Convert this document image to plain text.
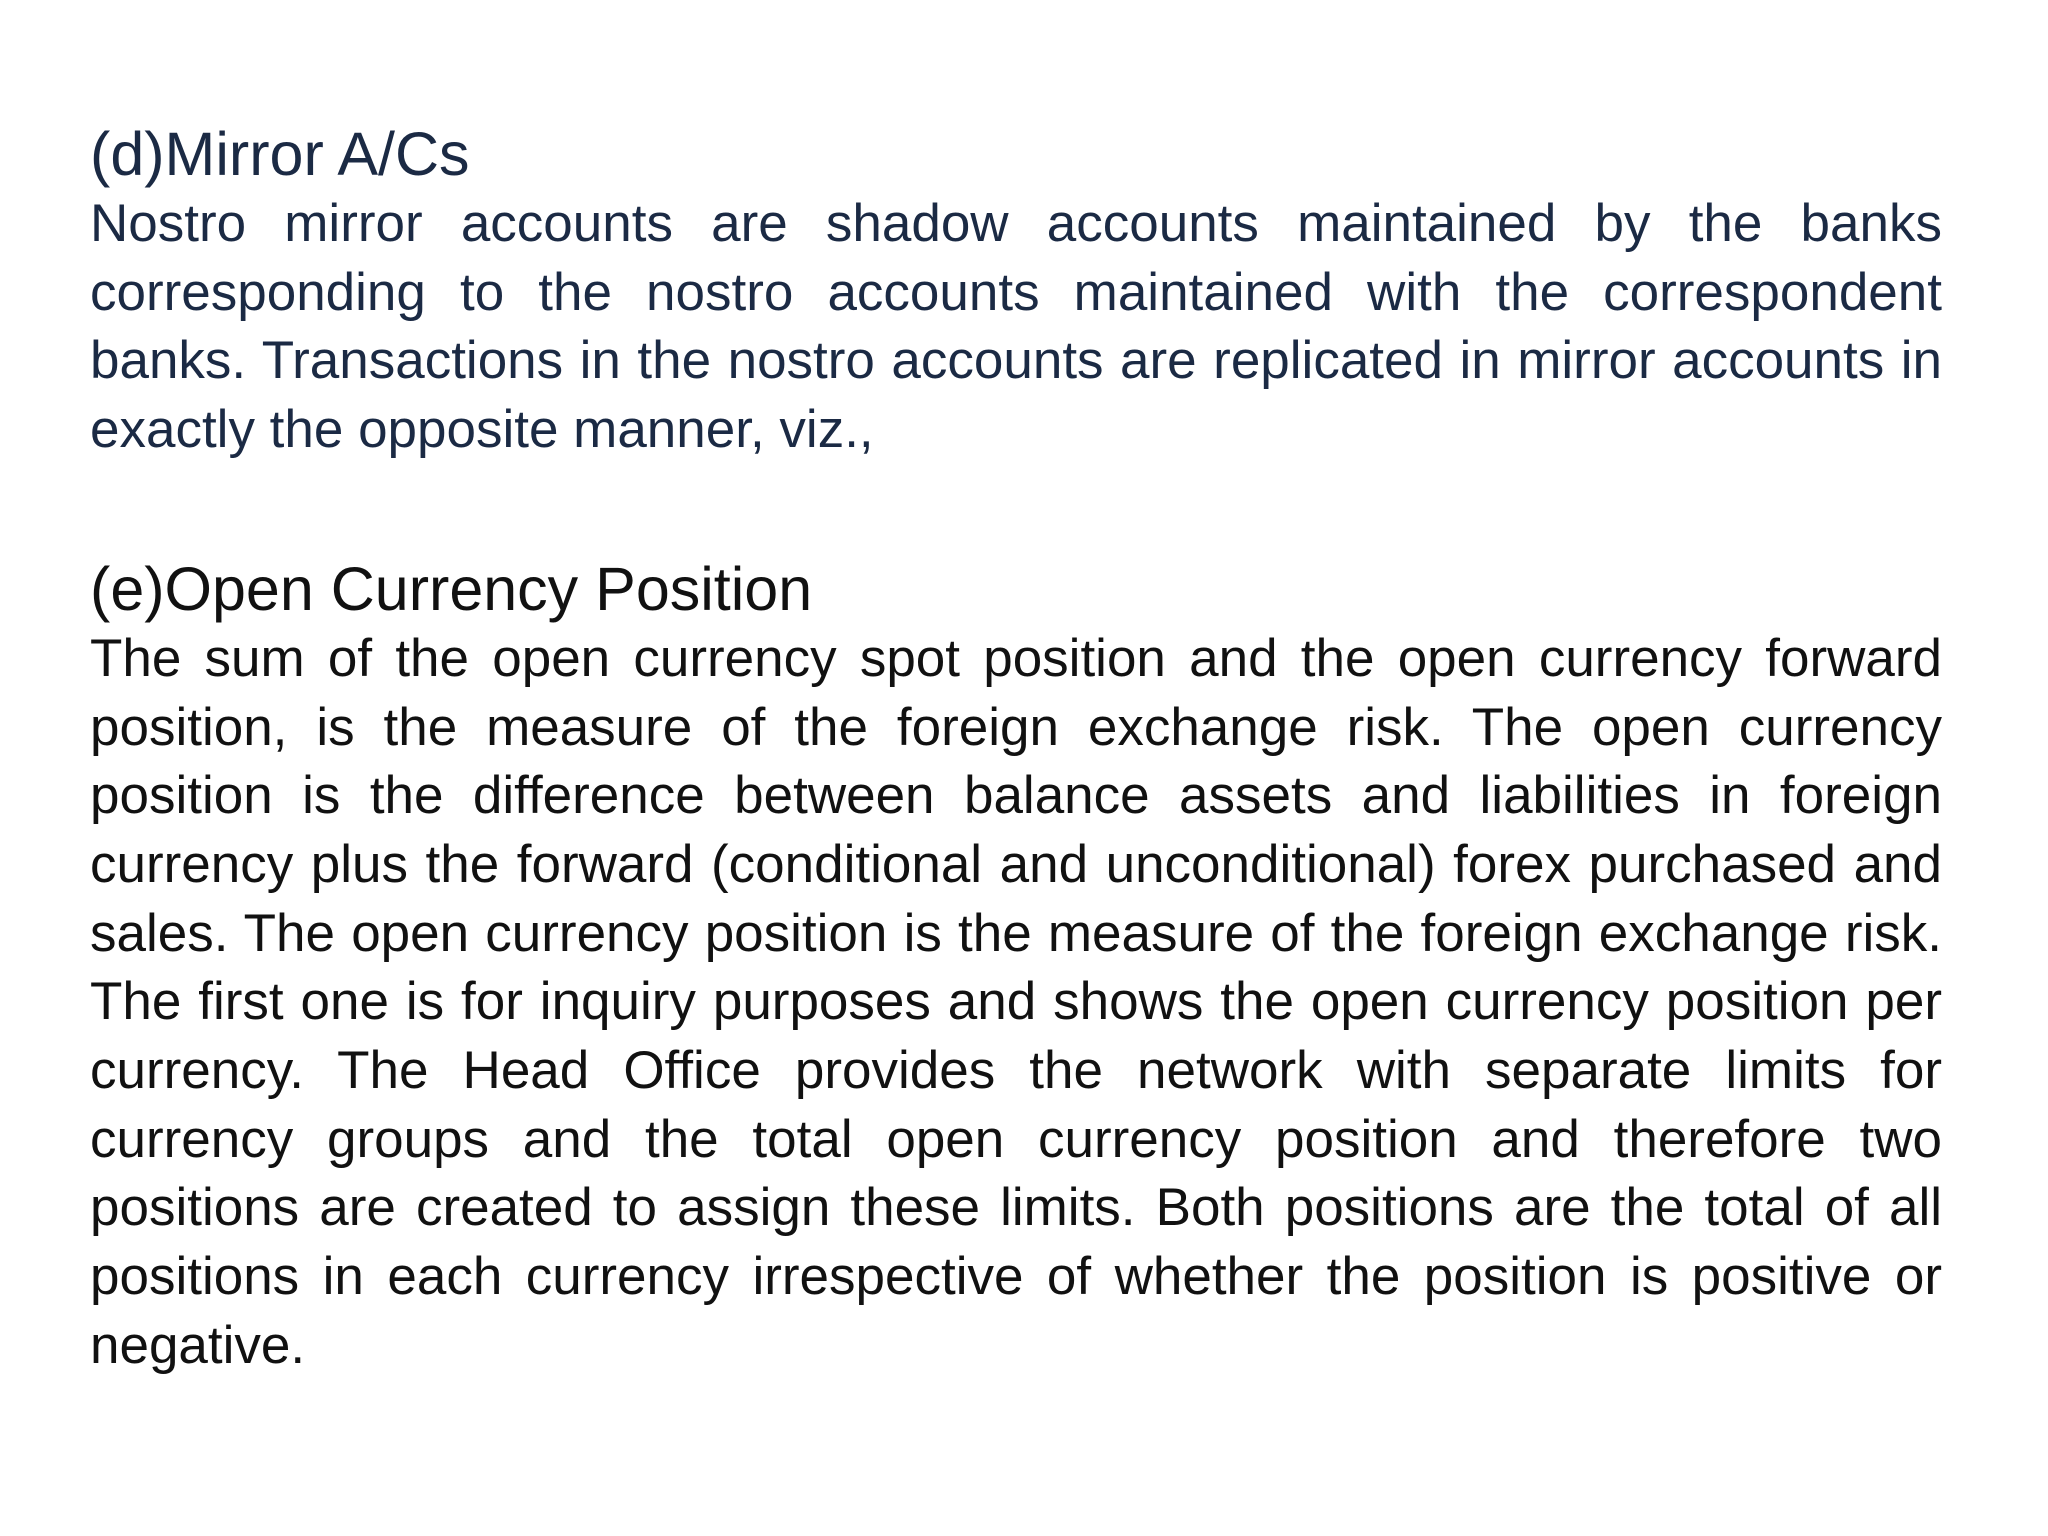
(d)Mirror A/Cs

Nostro mirror accounts are shadow accounts maintained by the banks corresponding to the nostro accounts maintained with the correspondent banks. Transactions in the nostro accounts are replicated in mirror accounts in exactly the opposite manner, viz.,

(e)Open Currency Position

The sum of the open currency spot position and the open currency forward position, is the measure of the foreign exchange risk. The open currency position is the difference between balance assets and liabilities in foreign currency plus the forward (conditional and unconditional) forex purchased and sales. The open currency position is the measure of the foreign exchange risk. The first one is for inquiry purposes and shows the open currency position per currency. The Head Office provides the network with separate limits for currency groups and the total open currency position and therefore two positions are created to assign these limits. Both positions are the total of all positions in each currency irrespective of whether the position is positive or negative.
